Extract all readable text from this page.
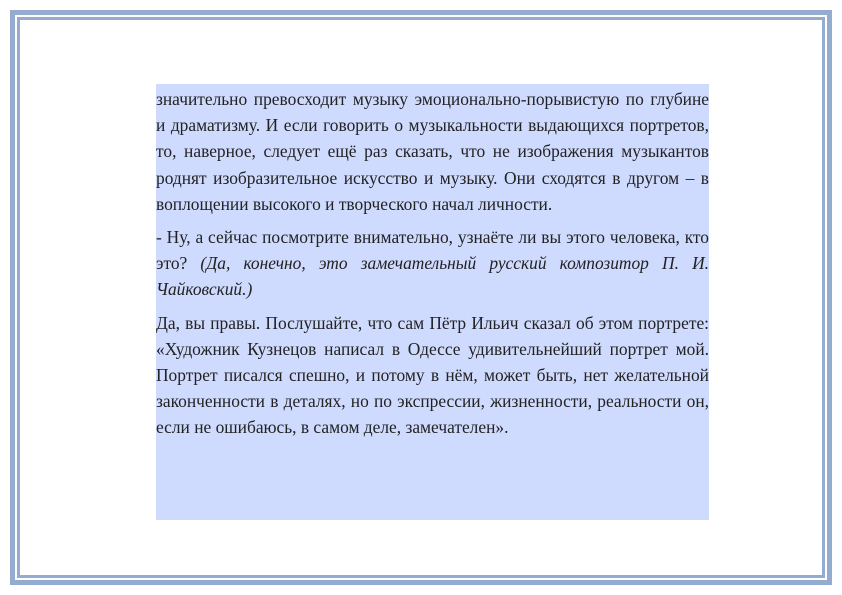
значительно превосходит музыку эмоционально-порывистую по глубине и драматизму. И если говорить о музыкальности выдающихся портретов, то, наверное, следует ещё раз сказать, что не изображения музыкантов роднят изобразительное искусство и музыку. Они сходятся в другом – в воплощении высокого и творческого начал личности.

- Ну, а сейчас посмотрите внимательно, узнаёте ли вы этого человека, кто это? (Да, конечно, это замечательный русский композитор П. И. Чайковский.)

Да, вы правы. Послушайте, что сам Пётр Ильич сказал об этом портрете: «Художник Кузнецов написал в Одессе удивительнейший портрет мой. Портрет писался спешно, и потому в нём, может быть, нет желательной законченности в деталях, но по экспрессии, жизненности, реальности он, если не ошибаюсь, в самом деле, замечателен».
